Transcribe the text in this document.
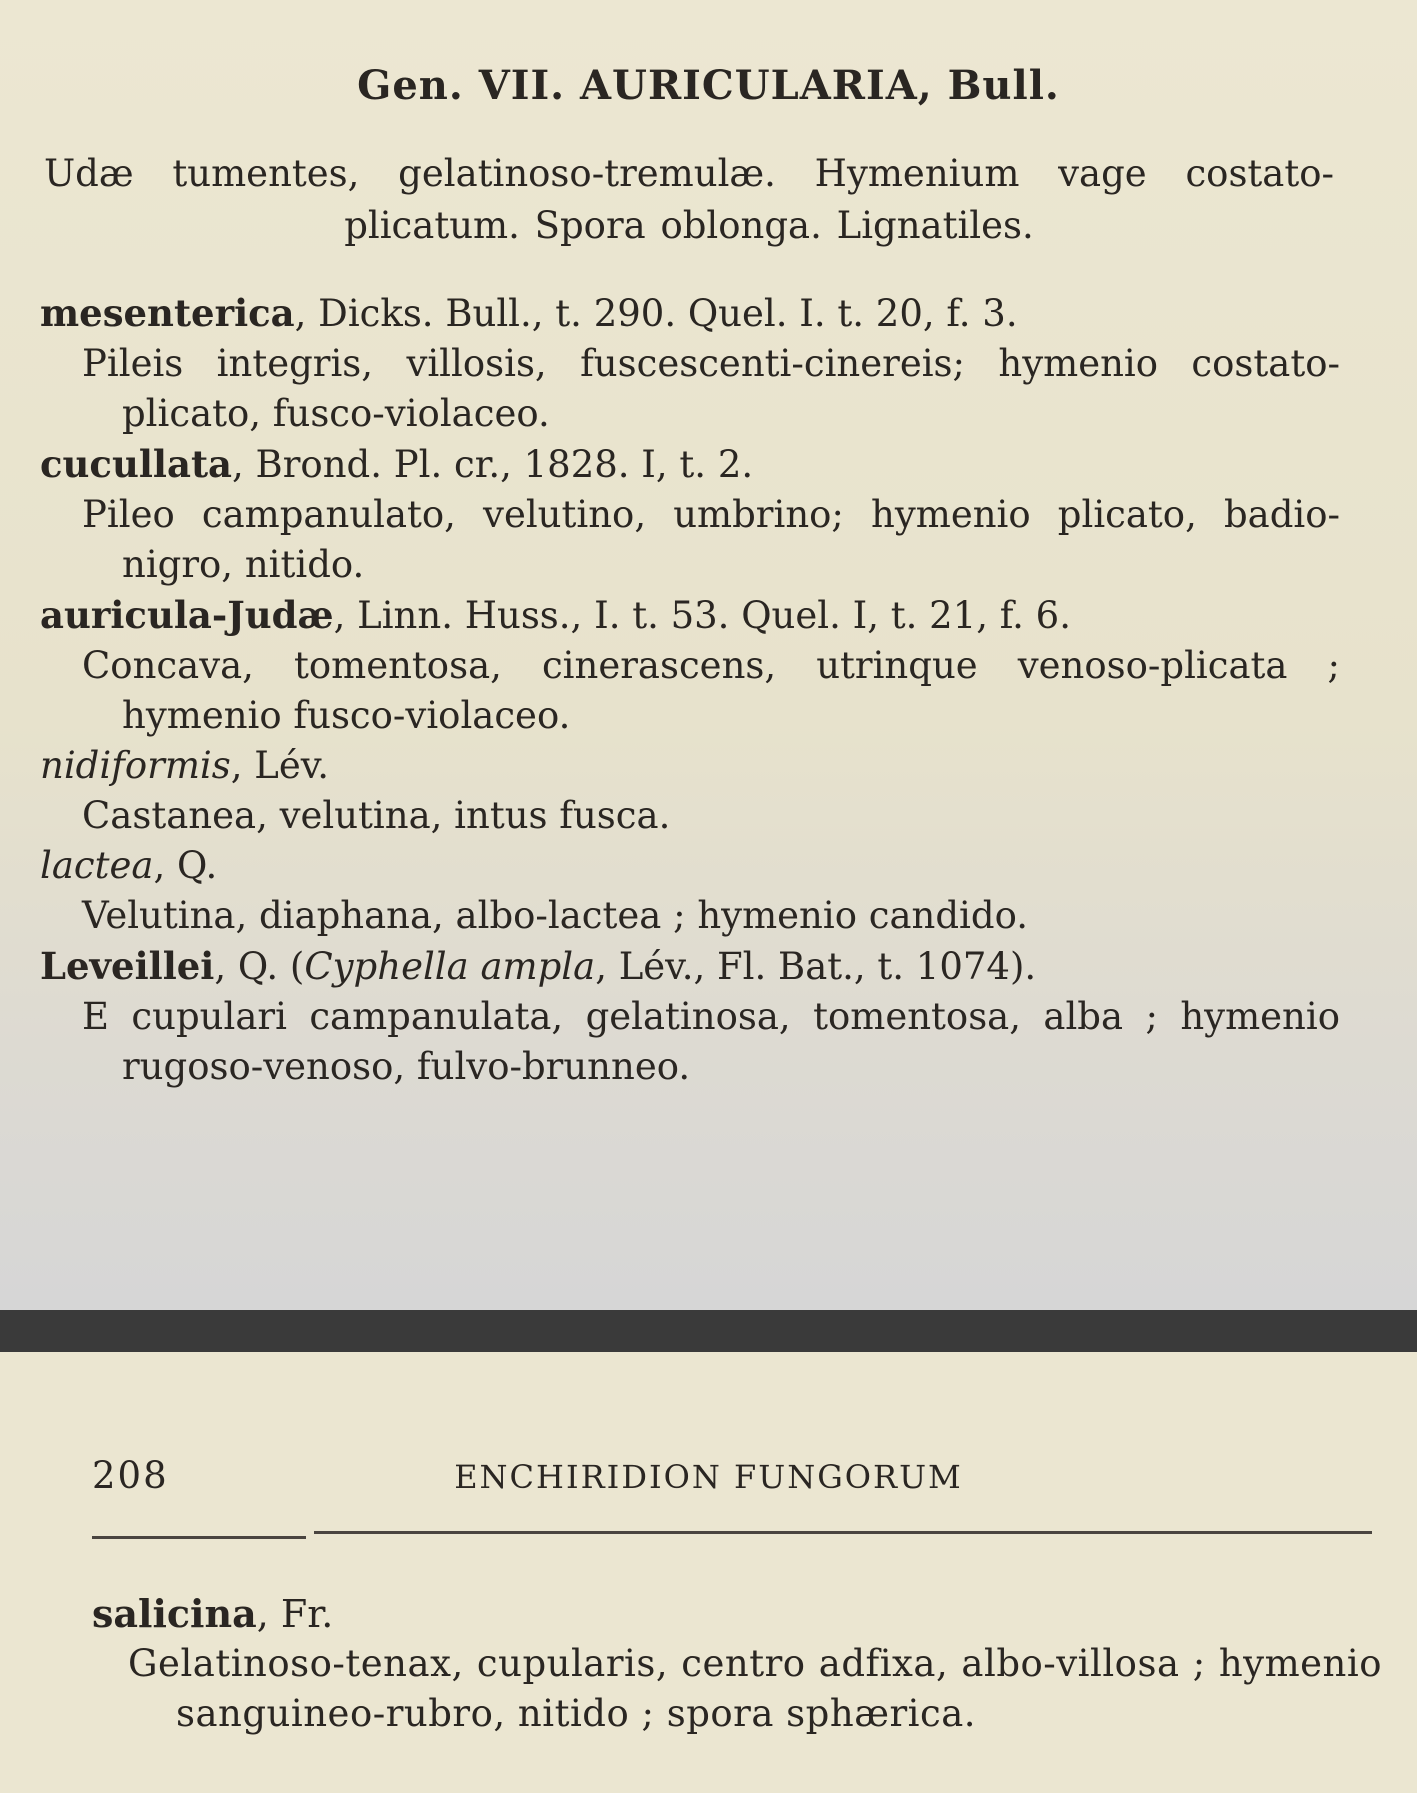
Gen. VII. AURICULARIA, Bull.
Udæ tumentes, gelatinoso-tremulæ. Hymenium vage costato-plicatum. Spora oblonga. Lignatiles.
mesenterica, Dicks. Bull., t. 290. Quel. I. t. 20, f. 3.
Pileis integris, villosis, fuscescenti-cinereis; hymenio costato-plicato, fusco-violaceo.
cucullata, Brond. Pl. cr., 1828. I, t. 2.
Pileo campanulato, velutino, umbrino; hymenio plicato, badio-nigro, nitido.
auricula-Judæ, Linn. Huss., I. t. 53. Quel. I, t. 21, f. 6.
Concava, tomentosa, cinerascens, utrinque venoso-plicata ; hymenio fusco-violaceo.
nidiformis, Lév.
Castanea, velutina, intus fusca.
lactea, Q.
Velutina, diaphana, albo-lactea ; hymenio candido.
Leveillei, Q. (Cyphella ampla, Lév., Fl. Bat., t. 1074).
E cupulari campanulata, gelatinosa, tomentosa, alba ; hymenio rugoso-venoso, fulvo-brunneo.
208	ENCHIRIDION FUNGORUM
salicina, Fr.
Gelatinoso-tenax, cupularis, centro adfixa, albo-villosa ; hymenio sanguineo-rubro, nitido ; spora sphærica.
